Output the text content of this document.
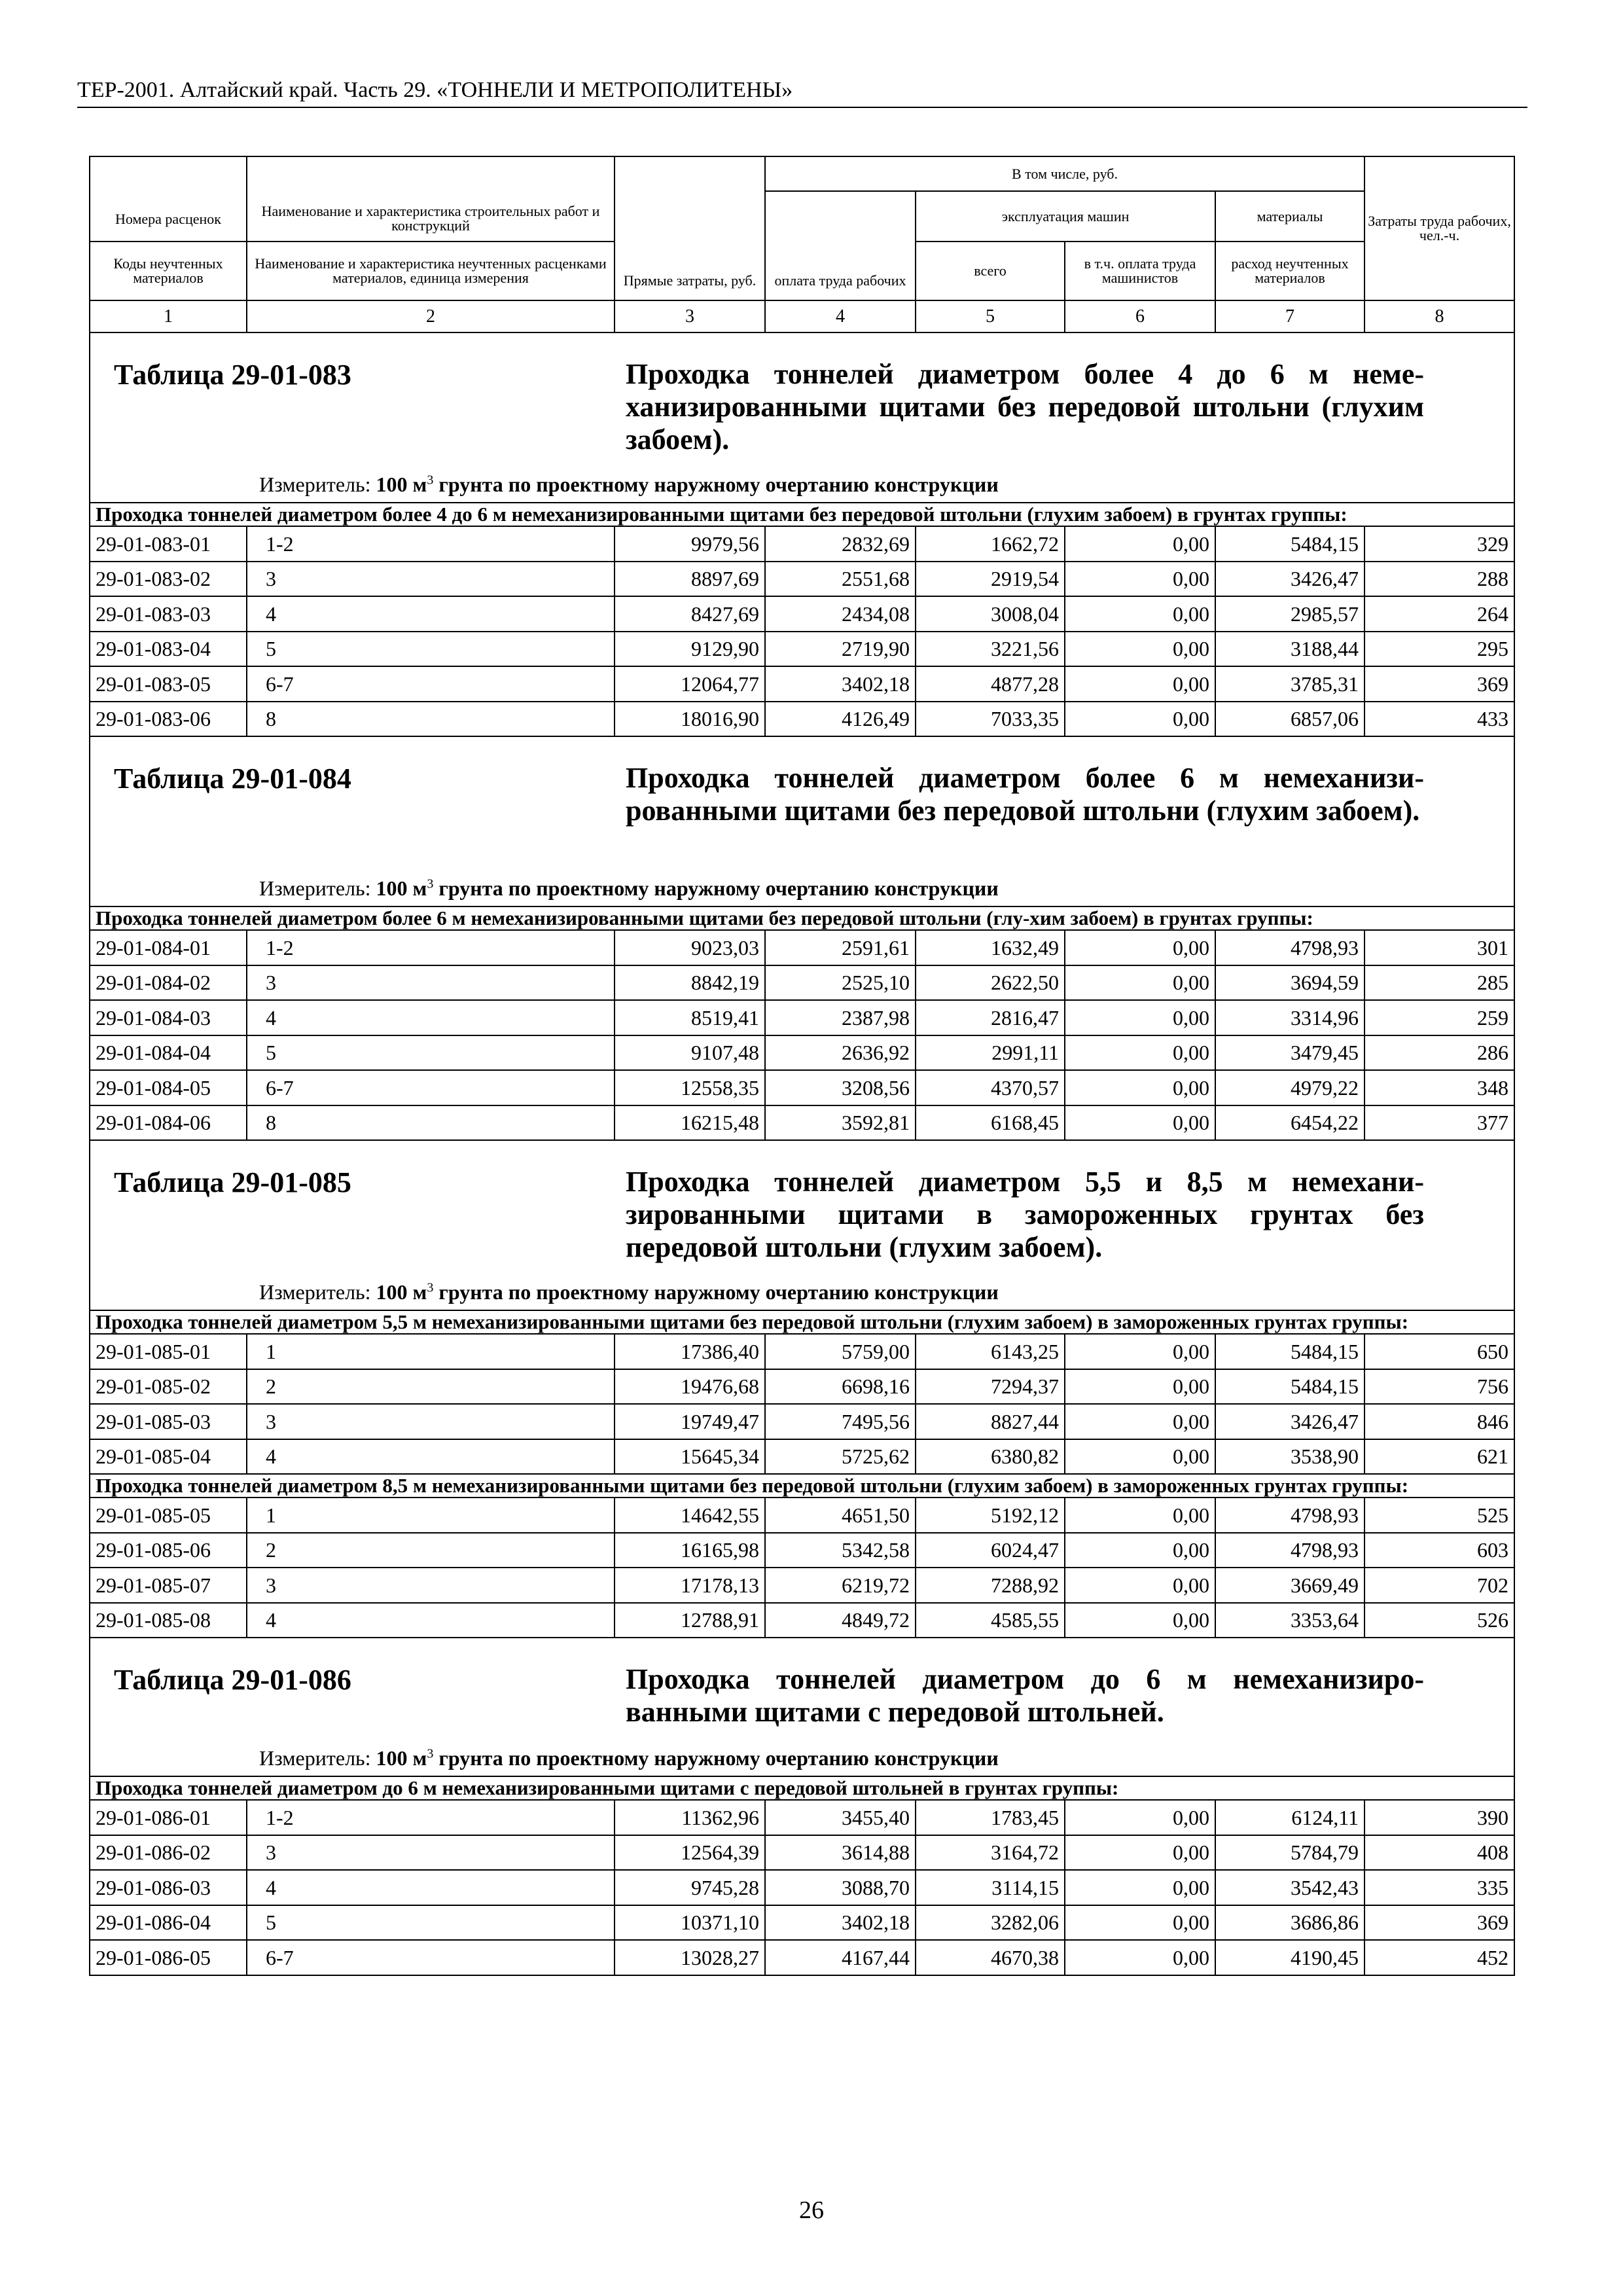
ТЕР-2001. Алтайский край. Часть 29. «ТОННЕЛИ И МЕТРОПОЛИТЕНЫ»
Номера расценок	Наименование и характеристика строительных работ и конструкций	Прямые затраты, руб.	В том числе, руб.				Затраты труда рабочих, чел.-ч.
			оплата труда рабочих	эксплуатация машин		материалы	
Коды неучтенных материалов	Наименование и характеристика неучтенных расценками материалов, единица измерения			всего	в т.ч. оплата труда машинистов	расход неучтенных материалов	

1	2	3	4	5	6	7	8

Таблица 29-01-083 Проходка тоннелей диаметром более 4 до 6 м неме-ханизированными щитами без передовой штольни (глухим забоем).
Измеритель: 100 $м^3$ грунта по проектному наружному очертанию конструкции							

Проходка тоннелей диаметром более 4 до 6 м немеханизированными щитами без передовой штольни (глухим забоем) в грунтах группы:							
29-01-083-01	1-2	9979,56	2832,69	1662,72	0,00	5484,15	329
29-01-083-02	3	8897,69	2551,68	2919,54	0,00	3426,47	288
29-01-083-03	4	8427,69	2434,08	3008,04	0,00	2985,57	264
29-01-083-04	5	9129,90	2719,90	3221,56	0,00	3188,44	295
29-01-083-05	6-7	12064,77	3402,18	4877,28	0,00	3785,31	369
29-01-083-06	8	18016,90	4126,49	7033,35	0,00	6857,06	433

Таблица 29-01-084 Проходка тоннелей диаметром более 6 м немеханизи-рованными щитами без передовой штольни (глухим забоем).
Измеритель: 100 $м^3$ грунта по проектному наружному очертанию конструкции							

Проходка тоннелей диаметром более 6 м немеханизированными щитами без передовой штольни (глу-хим забоем) в грунтах группы:							
29-01-084-01	1-2	9023,03	2591,61	1632,49	0,00	4798,93	301
29-01-084-02	3	8842,19	2525,10	2622,50	0,00	3694,59	285
29-01-084-03	4	8519,41	2387,98	2816,47	0,00	3314,96	259
29-01-084-04	5	9107,48	2636,92	2991,11	0,00	3479,45	286
29-01-084-05	6-7	12558,35	3208,56	4370,57	0,00	4979,22	348
29-01-084-06	8	16215,48	3592,81	6168,45	0,00	6454,22	377

Таблица 29-01-085 Проходка тоннелей диаметром 5,5 и 8,5 м немехани-зированными щитами в замороженных грунтах без передовой штольни (глухим забоем).
Измеритель: 100 $м^3$ грунта по проектному наружному очертанию конструкции							

Проходка тоннелей диаметром 5,5 м немеханизированными щитами без передовой штольни (глухим забоем) в замороженных грунтах группы:							
29-01-085-01	1	17386,40	5759,00	6143,25	0,00	5484,15	650
29-01-085-02	2	19476,68	6698,16	7294,37	0,00	5484,15	756
29-01-085-03	3	19749,47	7495,56	8827,44	0,00	3426,47	846
29-01-085-04	4	15645,34	5725,62	6380,82	0,00	3538,90	621
Проходка тоннелей диаметром 8,5 м немеханизированными щитами без передовой штольни (глухим забоем) в замороженных грунтах группы:							
29-01-085-05	1	14642,55	4651,50	5192,12	0,00	4798,93	525
29-01-085-06	2	16165,98	5342,58	6024,47	0,00	4798,93	603
29-01-085-07	3	17178,13	6219,72	7288,92	0,00	3669,49	702
29-01-085-08	4	12788,91	4849,72	4585,55	0,00	3353,64	526

Таблица 29-01-086 Проходка тоннелей диаметром до 6 м немеханизиро-ванными щитами с передовой штольней.
Измеритель: 100 $м^3$ грунта по проектному наружному очертанию конструкции							

Проходка тоннелей диаметром до 6 м немеханизированными щитами с передовой штольней в грунтах группы:							
29-01-086-01	1-2	11362,96	3455,40	1783,45	0,00	6124,11	390
29-01-086-02	3	12564,39	3614,88	3164,72	0,00	5784,79	408
29-01-086-03	4	9745,28	3088,70	3114,15	0,00	3542,43	335
29-01-086-04	5	10371,10	3402,18	3282,06	0,00	3686,86	369
29-01-086-05	6-7	13028,27	4167,44	4670,38	0,00	4190,45	452
26
